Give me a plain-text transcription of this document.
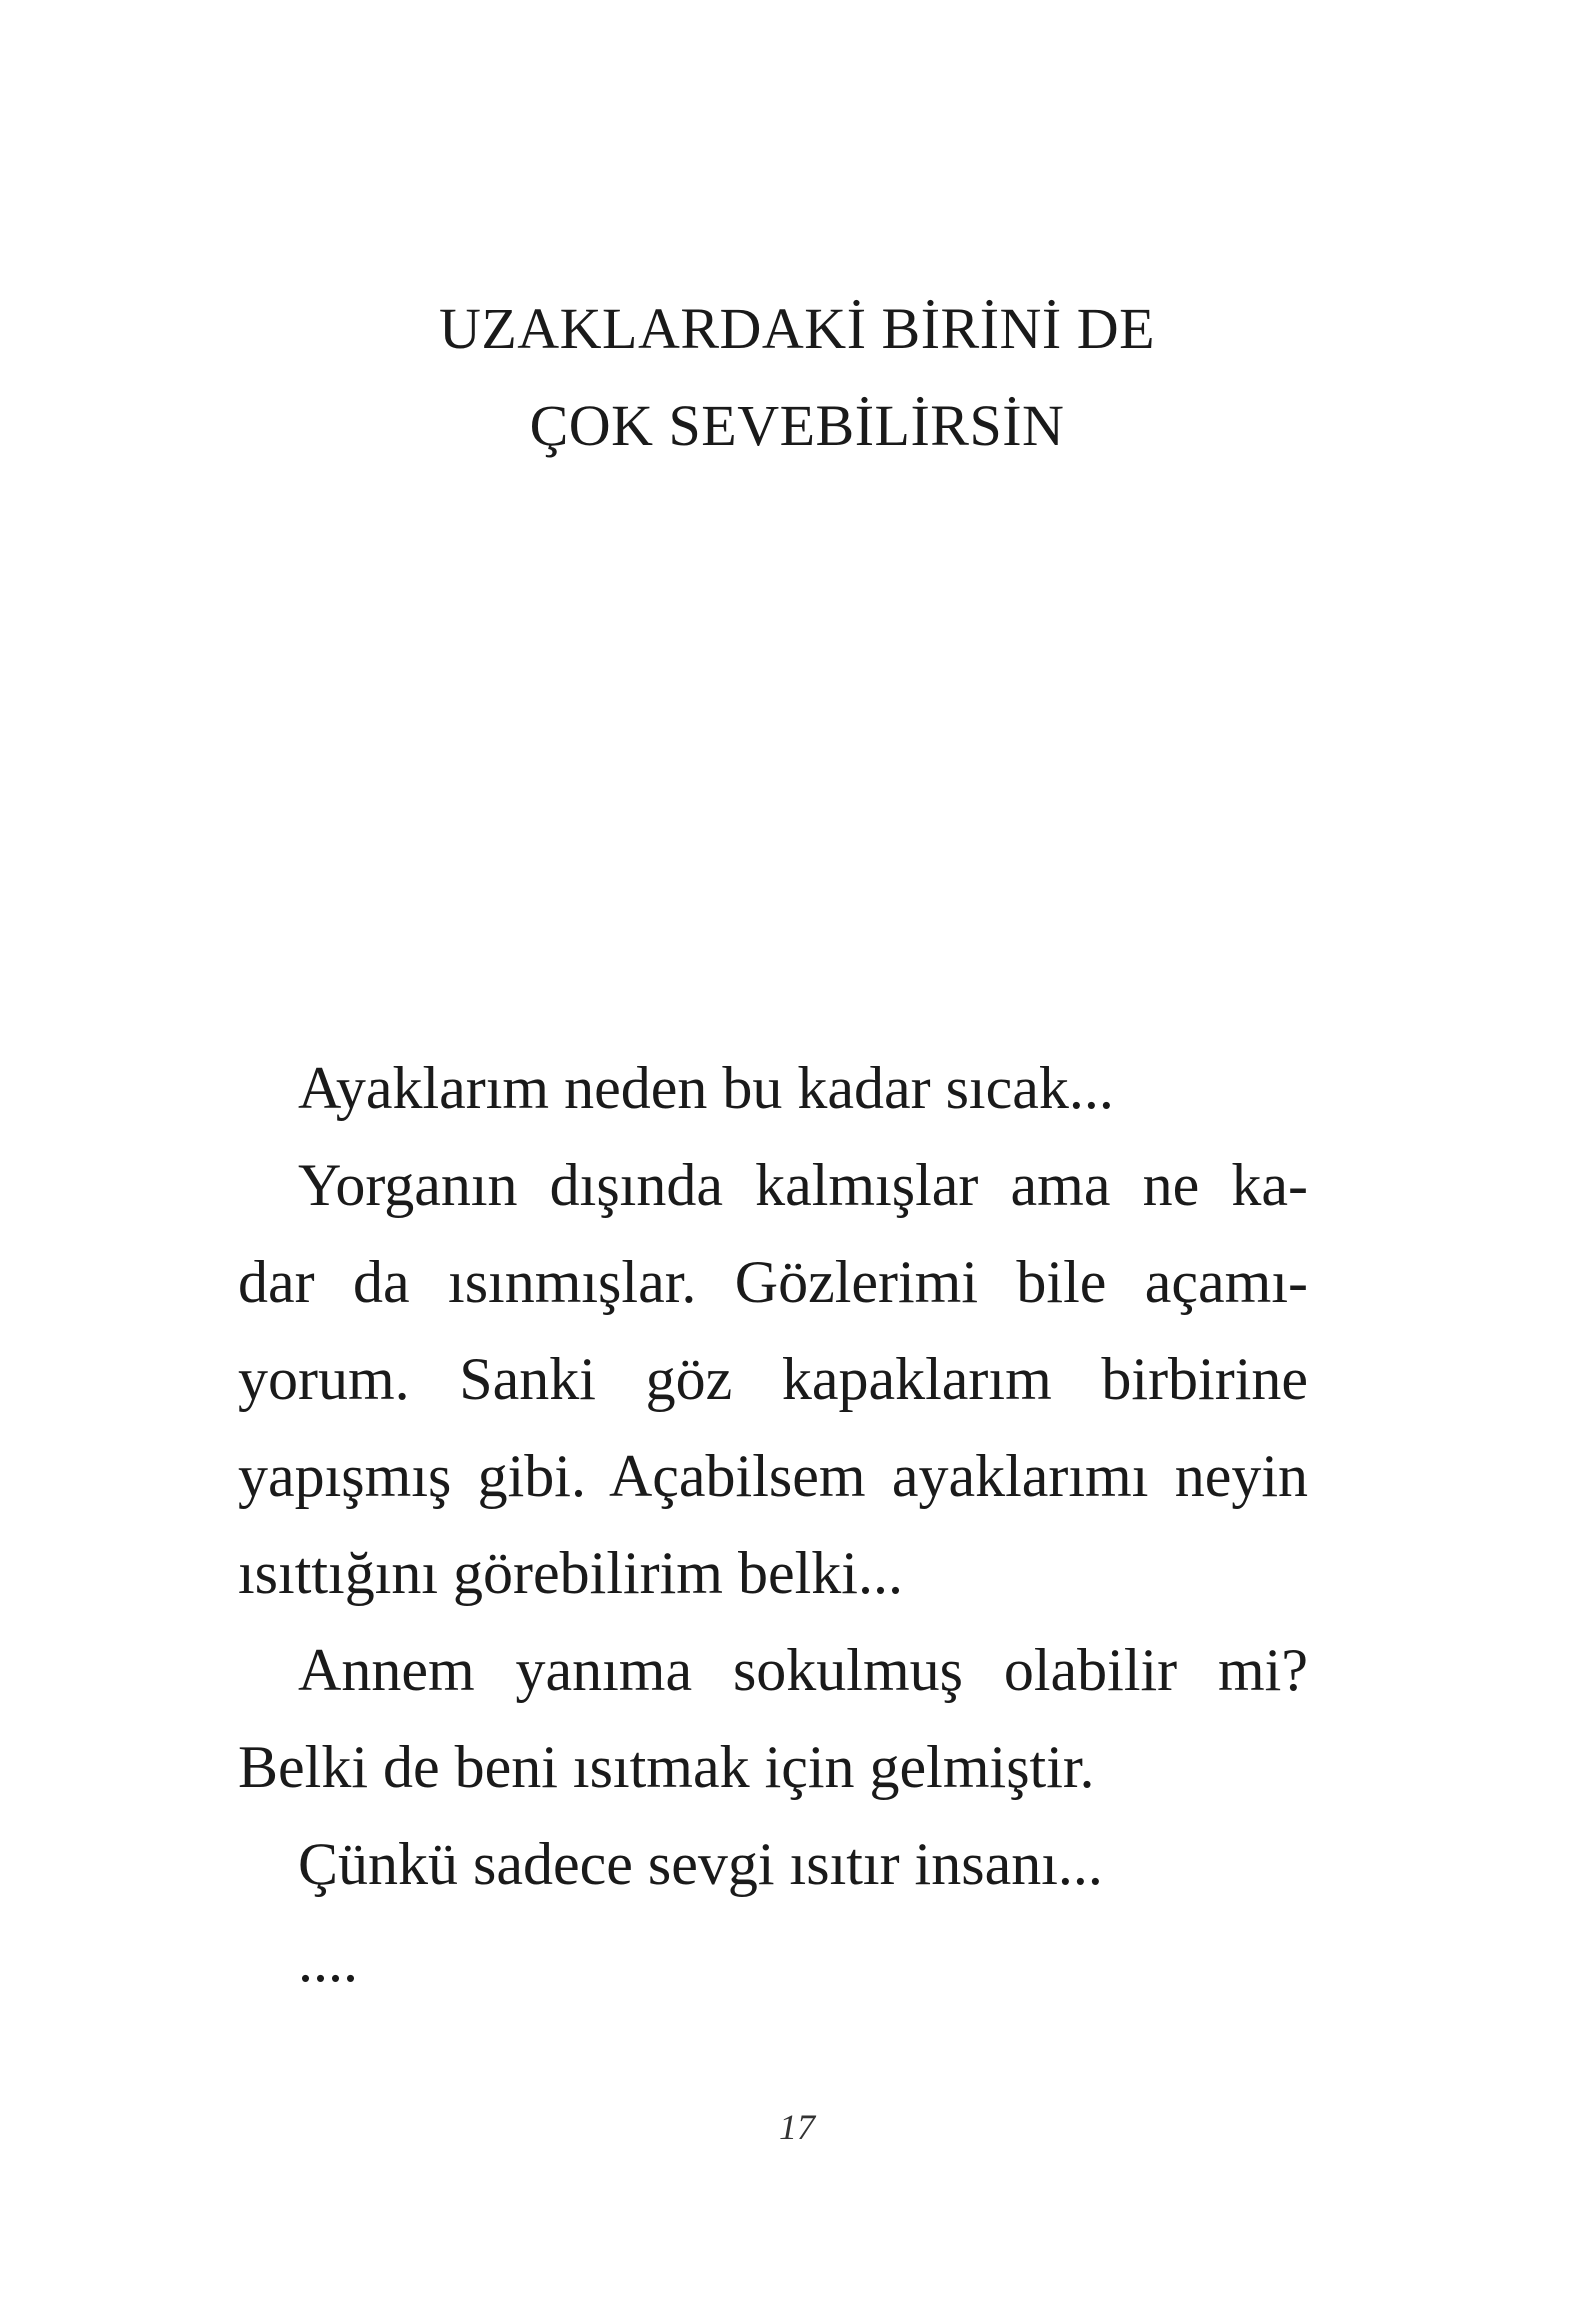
UZAKLARDAKİ BİRİNİ DE
ÇOK SEVEBİLİRSİN
Ayaklarım neden bu kadar sıcak...
Yorganın dışında kalmışlar ama ne ka-
dar da ısınmışlar. Gözlerimi bile açamı-
yorum. Sanki göz kapaklarım birbirine
yapışmış gibi. Açabilsem ayaklarımı neyin
ısıttığını görebilirim belki...
Annem yanıma sokulmuş olabilir mi?
Belki de beni ısıtmak için gelmiştir.
Çünkü sadece sevgi ısıtır insanı...
....
17
